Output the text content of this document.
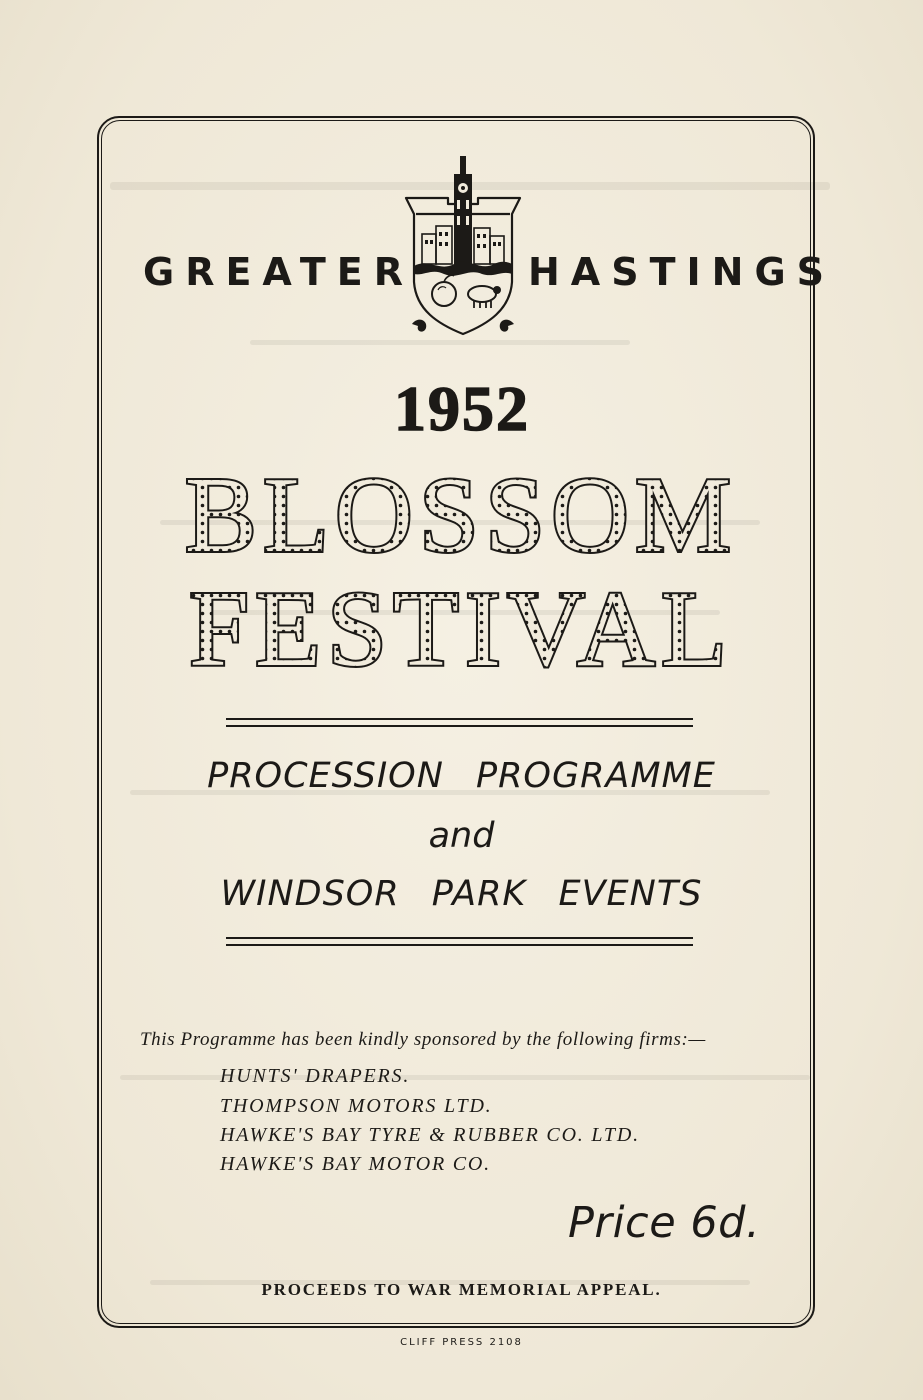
GREATER	HASTINGS
1952
BLOSSOM
FESTIVAL
PROCESSION PROGRAMME
and
WINDSOR PARK EVENTS
This Programme has been kindly sponsored by the following firms:—
HUNTS' DRAPERS.
THOMPSON MOTORS LTD.
HAWKE'S BAY TYRE & RUBBER CO. LTD.
HAWKE'S BAY MOTOR CO.
Price 6d.
PROCEEDS TO WAR MEMORIAL APPEAL.
CLIFF PRESS 2108
